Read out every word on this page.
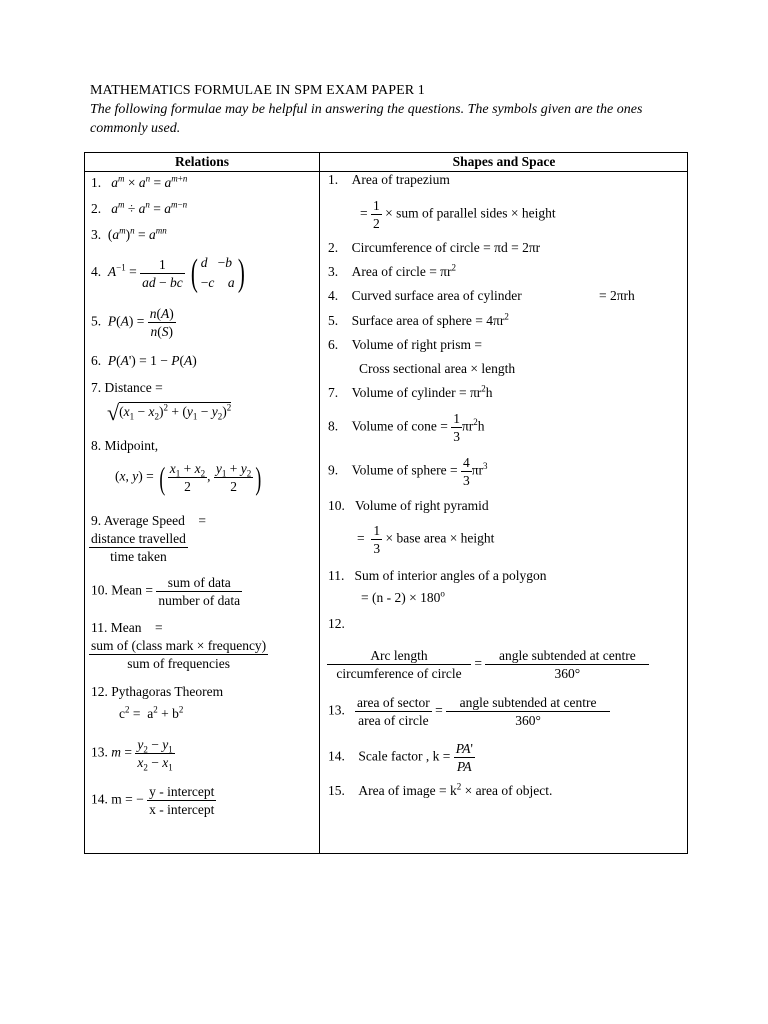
MATHEMATICS FORMULAE IN SPM EXAM PAPER 1
The following formulae may be helpful in answering the questions. The symbols given are the ones commonly used.
Relations	Shapes and Space
1. $a^m \times a^n = a^{m+n}$
2. $a^m \div a^n = a^{m-n}$
3.  $(a^m)^n = a^{mn}$
4. $A^{-1} = \frac{1}{ad - bc}$ ( d   −b
−c a )
5. $P(A) = \frac{n(A)}{n(S)}$
6. P(A') = 1 − P(A)
7. Distance =
$√(x_1 - x_2)^2 + (y_1 - y_2)^2$
8. Midpoint,
(x, y) = ( $\frac{x_1 + x_2}{2}$ , $\frac{y_1 + y_2}{2}$ )
9. Average Speed =
$\frac{\text{distance travelled}}{\text{time taken}}$
10. Mean = $\frac{\text{sum of data}}{\text{number of data}}$
11. Mean =
$\frac{\text{sum of (class mark × frequency)}}{\text{sum of frequencies}}$
12. Pythagoras Theorem
$c^2 = a^2 + b^2$
13. $m = \frac{y_2 - y_1}{x_2 - x_1}$
14. m = − $\frac{\text{y - intercept}}{\text{x - intercept}}$
1. Area of trapezium
= $\frac{1}{2}$ × sum of parallel sides × height
2. Circumference of circle = πd = 2πr
3. Area of circle = $\pi r^2$
4. Curved surface area of cylinder	= 2πrh
5. Surface area of sphere = $4\pi r^2$
6. Volume of right prism =
Cross sectional area × length
7. Volume of cylinder = $\pi r^2h$
8. Volume of cone = $\frac{1}{3} \pi r^2h$
9. Volume of sphere = $\frac{4}{3} \pi r^3$
10. Volume of right pyramid
= $\frac{1}{3}$ × base area × height
11. Sum of interior angles of a polygon
= $(n - 2) \times 180^o$
12.
$\frac{\text{Arc length}}{\text{circumference of circle}} = \frac{\text{angle subtended at centre}}{360^\circ}$
13. $\frac{\text{area of sector}}{\text{area of circle}} = \frac{\text{angle subtended at centre}}{360^\circ}$
14. Scale factor , $k = \frac{PA'}{PA}$
15. Area of image = $k^2$ × area of object.
